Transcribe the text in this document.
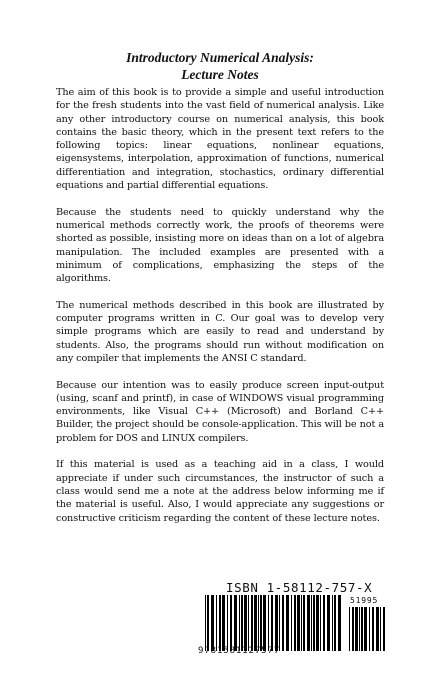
Introductory Numerical Analysis:
Lecture Notes

The aim of this book is to provide a simple and useful introduction for the fresh students into the vast field of numerical analysis. Like any other introductory course on numerical analysis, this book contains the basic theory, which in the present text refers to the following topics: linear equations, nonlinear equations, eigensystems, interpolation, approximation of functions, numerical differentiation and integration, stochastics, ordinary differential equations and partial differential equations.

Because the students need to quickly understand why the numerical methods correctly work, the proofs of theorems were shorted as possible, insisting more on ideas than on a lot of algebra manipulation. The included examples are presented with a minimum of complications, emphasizing the steps of the algorithms.

The numerical methods described in this book are illustrated by computer programs written in C. Our goal was to develop very simple programs which are easily to read and understand by students. Also, the programs should run without modification on any compiler that implements the ANSI C standard.

Because our intention was to easily produce screen input-output (using, scanf and printf), in case of WINDOWS visual programming environments, like Visual C++ (Microsoft) and Borland C++ Builder, the project should be console-application. This will be not a problem for DOS and LINUX compilers.

If this material is used as a teaching aid in a class, I would appreciate if under such circumstances, the instructor of such a class would send me a note at the address below informing me if the material is useful. Also, I would appreciate any suggestions or constructive criticism regarding the content of these lecture notes.

ISBN 1-58112-757-X
51995
9781581127577
